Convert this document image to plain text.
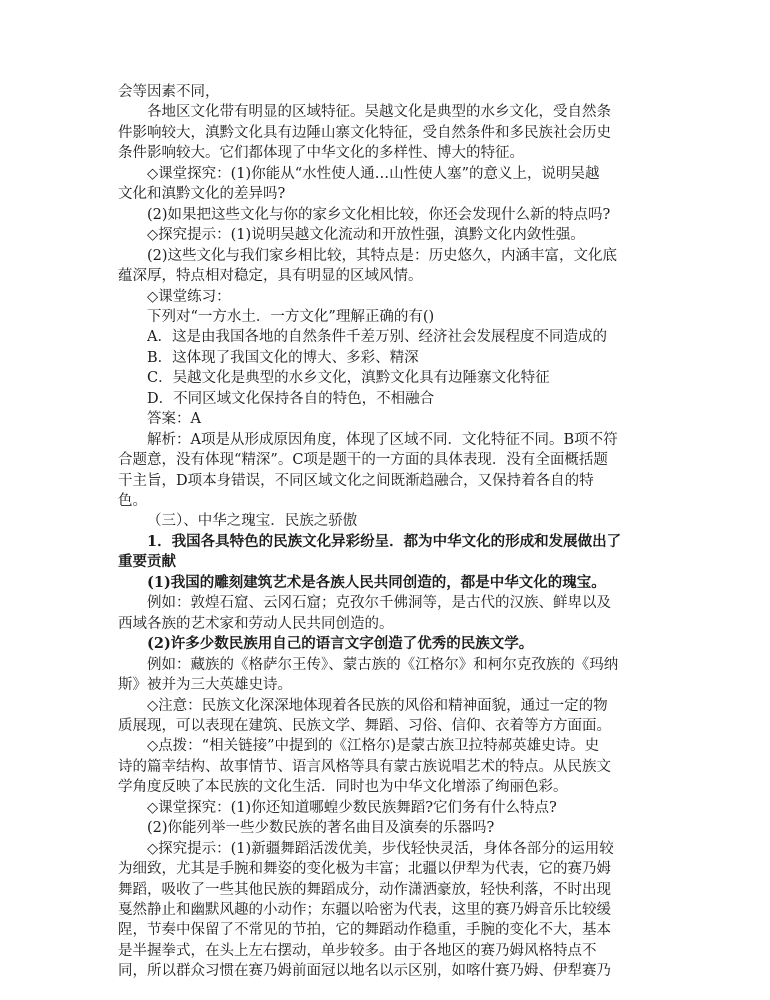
会等因素不同，
各地区文化带有明显的区域特征。吴越文化是典型的水乡文化，受自然条
件影响较大，滇黔文化具有边陲山寨文化特征，受自然条件和多民族社会历史
条件影响较大。它们都体现了中华文化的多样性、博大的特征。
◇课堂探究：(1)你能从“水性使人通…山性使人塞”的意义上，说明吴越
文化和滇黔文化的差异吗?
(2)如果把这些文化与你的家乡文化相比较，你还会发现什么新的特点吗?
◇探究提示：(1)说明吴越文化流动和开放性强，滇黔文化内敛性强。
(2)这些文化与我们家乡相比较，其特点是：历史悠久，内涵丰富，文化底
蕴深厚，特点相对稳定，具有明显的区域风情。
◇课堂练习：
下列对“一方水土．一方文化”理解正确的有()
A．这是由我国各地的自然条件千差万别、经济社会发展程度不同造成的
B．这体现了我国文化的博大、多彩、精深
C．吴越文化是典型的水乡文化，滇黔文化具有边陲寨文化特征
D．不同区域文化保持各自的特色，不相融合
答案：A
解析：A项是从形成原因角度，体现了区域不同．文化特征不同。B项不符
合题意，没有体现“精深”。C项是题干的一方面的具体表现．没有全面概括题
干主旨，D项本身错误，不同区域文化之间既渐趋融合，又保持着各自的特
色。
（三）、中华之瑰宝．民族之骄傲
1．我国各具特色的民族文化异彩纷呈．都为中华文化的形成和发展做出了
重要贡献
(1)我国的雕刻建筑艺术是各族人民共同创造的，都是中华文化的瑰宝。
例如：敦煌石窟、云冈石窟；克孜尔千佛洞等，是古代的汉族、鲜卑以及
西域各族的艺术家和劳动人民共同创造的。
(2)许多少数民族用自己的语言文字创造了优秀的民族文学。
例如：藏族的《格萨尔王传》、蒙古族的《江格尔》和柯尔克孜族的《玛纳
斯》被并为三大英雄史诗。
◇注意：民族文化深深地体现着各民族的风俗和精神面貌，通过一定的物
质展现，可以表现在建筑、民族文学、舞蹈、习俗、信仰、衣着等方方面面。
◇点拨：“相关链接”中提到的《江格尔)是蒙古族卫拉特郝英雄史诗。史
诗的篇幸结构、故事情节、语言风格等具有蒙古族说唱艺术的特点。从民族文
学角度反映了本民族的文化生活．同时也为中华文化增添了绚丽色彩。
◇课堂探究：(1)你还知道哪蝗少数民族舞蹈?它们务有什么特点?
(2)你能列举一些少数民族的著名曲目及演奏的乐器吗?
◇探究提示：(1)新疆舞蹈活泼优美，步伐轻快灵活，身体各部分的运用较
为细致，尤其是手腕和舞姿的变化极为丰富；北疆以伊犁为代表，它的赛乃姆
舞蹈，吸收了一些其他民族的舞蹈成分，动作潇洒豪放，轻快利落，不时出现
戛然静止和幽默风趣的小动作；东疆以哈密为代表，这里的赛乃姆音乐比较缓
陧，节奏中保留了不常见的节拍，它的舞蹈动作稳重，手腕的变化不大，基本
是半握拳式，在头上左右摆动，单步较多。由于各地区的赛乃姆风格特点不
同，所以群众习惯在赛乃姆前面冠以地名以示区别，如喀什赛乃姆、伊犁赛乃
